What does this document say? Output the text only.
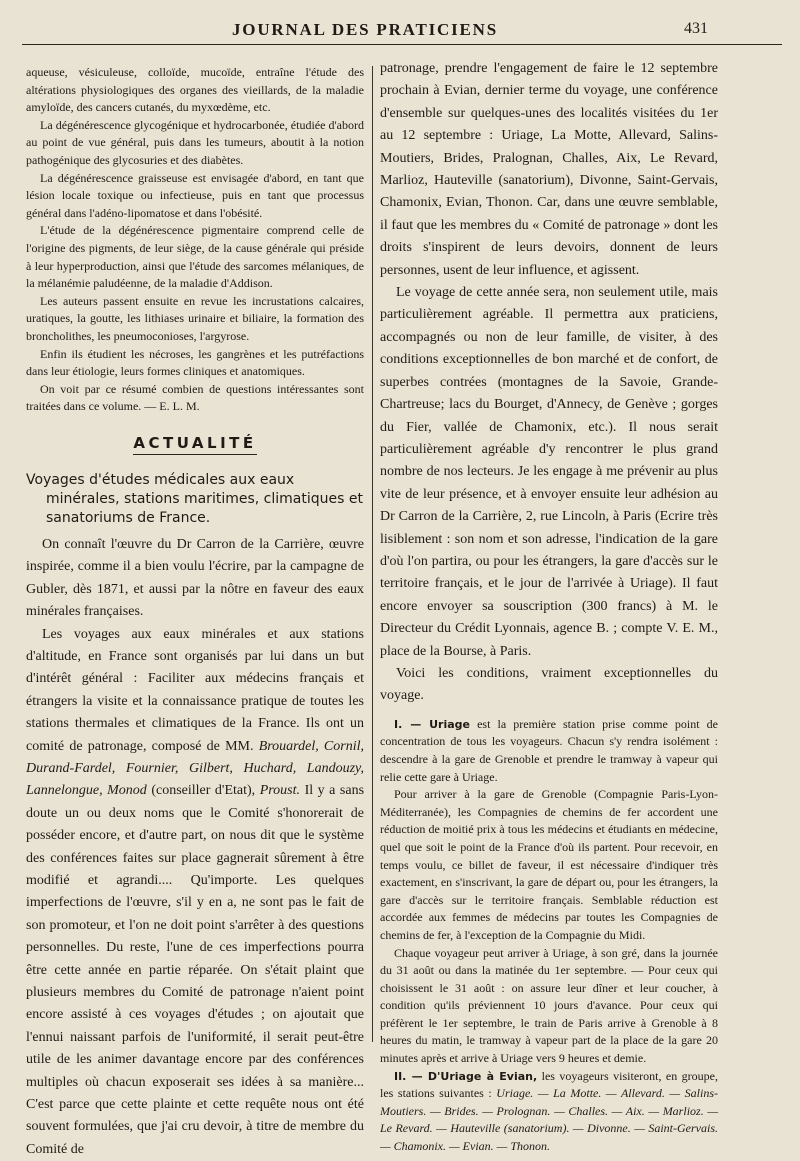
JOURNAL DES PRATICIENS	431

aqueuse, vésiculeuse, colloïde, mucoïde, entraîne l'étude des altérations physiologiques des organes des vieillards, de la maladie amyloïde, des cancers cutanés, du myxœdème, etc.

La dégénérescence glycogénique et hydrocarbonée, étudiée d'abord au point de vue général, puis dans les tumeurs, aboutit à la notion pathogénique des glycosuries et des diabètes.

La dégénérescence graisseuse est envisagée d'abord, en tant que lésion locale toxique ou infectieuse, puis en tant que processus général dans l'adéno-lipomatose et dans l'obésité.

L'étude de la dégénérescence pigmentaire comprend celle de l'origine des pigments, de leur siège, de la cause générale qui préside à leur hyperproduction, ainsi que l'étude des sarcomes mélaniques, de la mélanémie paludéenne, de la maladie d'Addison.

Les auteurs passent ensuite en revue les incrustations calcaires, uratiques, la goutte, les lithiases urinaire et biliaire, la formation des broncholithes, les pneumoconioses, l'argyrose.

Enfin ils étudient les nécroses, les gangrènes et les putréfactions dans leur étiologie, leurs formes cliniques et anatomiques.

On voit par ce résumé combien de questions intéressantes sont traitées dans ce volume. — E. L. M.

ACTUALITÉ
Voyages d'études médicales aux eaux minérales, stations maritimes, climatiques et sanatoriums de France.

On connaît l'œuvre du Dr Carron de la Carrière, œuvre inspirée, comme il a bien voulu l'écrire, par la campagne de Gubler, dès 1871, et aussi par la nôtre en faveur des eaux minérales françaises.

Les voyages aux eaux minérales et aux stations d'altitude, en France sont organisés par lui dans un but d'intérêt général : Faciliter aux médecins français et étrangers la visite et la connaissance pratique de toutes les stations thermales et climatiques de la France. Ils ont un comité de patronage, composé de MM. Brouardel, Cornil, Durand-Fardel, Fournier, Gilbert, Huchard, Landouzy, Lannelongue, Monod (conseiller d'Etat), Proust. Il y a sans doute un ou deux noms que le Comité s'honorerait de posséder encore, et d'autre part, on nous dit que le système des conférences faites sur place gagnerait sûrement à être modifié et agrandi.... Qu'importe. Les quelques imperfections de l'œuvre, s'il y en a, ne sont pas le fait de son promoteur, et l'on ne doit point s'arrêter à des questions personnelles. Du reste, l'une de ces imperfections pourra être cette année en partie réparée. On s'était plaint que plusieurs membres du Comité de patronage n'aient point encore assisté à ces voyages d'études ; on ajoutait que l'ennui naissant parfois de l'uniformité, il serait peut-être utile de les animer davantage encore par des conférences multiples où chacun exposerait ses idées à sa manière... C'est parce que cette plainte et cette requête nous ont été souvent formulées, que j'ai cru devoir, à titre de membre du Comité de

patronage, prendre l'engagement de faire le 12 septembre prochain à Evian, dernier terme du voyage, une conférence d'ensemble sur quelques-unes des localités visitées du 1er au 12 septembre : Uriage, La Motte, Allevard, Salins-Moutiers, Brides, Pralognan, Challes, Aix, Le Revard, Marlioz, Hauteville (sanatorium), Divonne, Saint-Gervais, Chamonix, Evian, Thonon. Car, dans une œuvre semblable, il faut que les membres du « Comité de patronage » dont les droits s'inspirent de leurs devoirs, donnent de leurs personnes, usent de leur influence, et agissent.

Le voyage de cette année sera, non seulement utile, mais particulièrement agréable. Il permettra aux praticiens, accompagnés ou non de leur famille, de visiter, à des conditions exceptionnelles de bon marché et de confort, de superbes contrées (montagnes de la Savoie, Grande-Chartreuse; lacs du Bourget, d'Annecy, de Genève ; gorges du Fier, vallée de Chamonix, etc.). Il nous serait particulièrement agréable d'y rencontrer le plus grand nombre de nos lecteurs. Je les engage à me prévenir au plus vite de leur présence, et à envoyer ensuite leur adhésion au Dr Carron de la Carrière, 2, rue Lincoln, à Paris (Ecrire très lisiblement : son nom et son adresse, l'indication de la gare d'où l'on partira, ou pour les étrangers, la gare d'accès sur le territoire français, et le jour de l'arrivée à Uriage). Il faut encore envoyer sa souscription (300 francs) à M. le Directeur du Crédit Lyonnais, agence B. ; compte V. E. M., place de la Bourse, à Paris.

Voici les conditions, vraiment exceptionnelles du voyage.

I. — Uriage est la première station prise comme point de concentration de tous les voyageurs. Chacun s'y rendra isolément : descendre à la gare de Grenoble et prendre le tramway à vapeur qui relie cette gare à Uriage.

Pour arriver à la gare de Grenoble (Compagnie Paris-Lyon-Méditerranée), les Compagnies de chemins de fer accordent une réduction de moitié prix à tous les médecins et étudiants en médecine, quel que soit le point de la France d'où ils partent. Pour recevoir, en temps voulu, ce billet de faveur, il est nécessaire d'indiquer très exactement, en s'inscrivant, la gare de départ ou, pour les étrangers, la gare d'accès sur le territoire français. Semblable réduction est accordée aux femmes de médecins par toutes les Compagnies de chemins de fer, à l'exception de la Compagnie du Midi.

Chaque voyageur peut arriver à Uriage, à son gré, dans la journée du 31 août ou dans la matinée du 1er septembre. — Pour ceux qui choisissent le 31 août : on assure leur dîner et leur coucher, à condition qu'ils préviennent 10 jours d'avance. Pour ceux qui préfèrent le 1er septembre, le train de Paris arrive à Grenoble à 8 heures du matin, le tramway à vapeur part de la place de la gare 20 minutes après et arrive à Uriage vers 9 heures et demie.

II. — D'Uriage à Evian, les voyageurs visiteront, en groupe, les stations suivantes : Uriage. — La Motte. — Allevard. — Salins-Moutiers. — Brides. — Prolognan. — Challes. — Aix. — Marlioz. — Le Revard. — Hauteville (sanatorium). — Divonne. — Saint-Gervais. — Chamonix. — Evian. — Thonon.
